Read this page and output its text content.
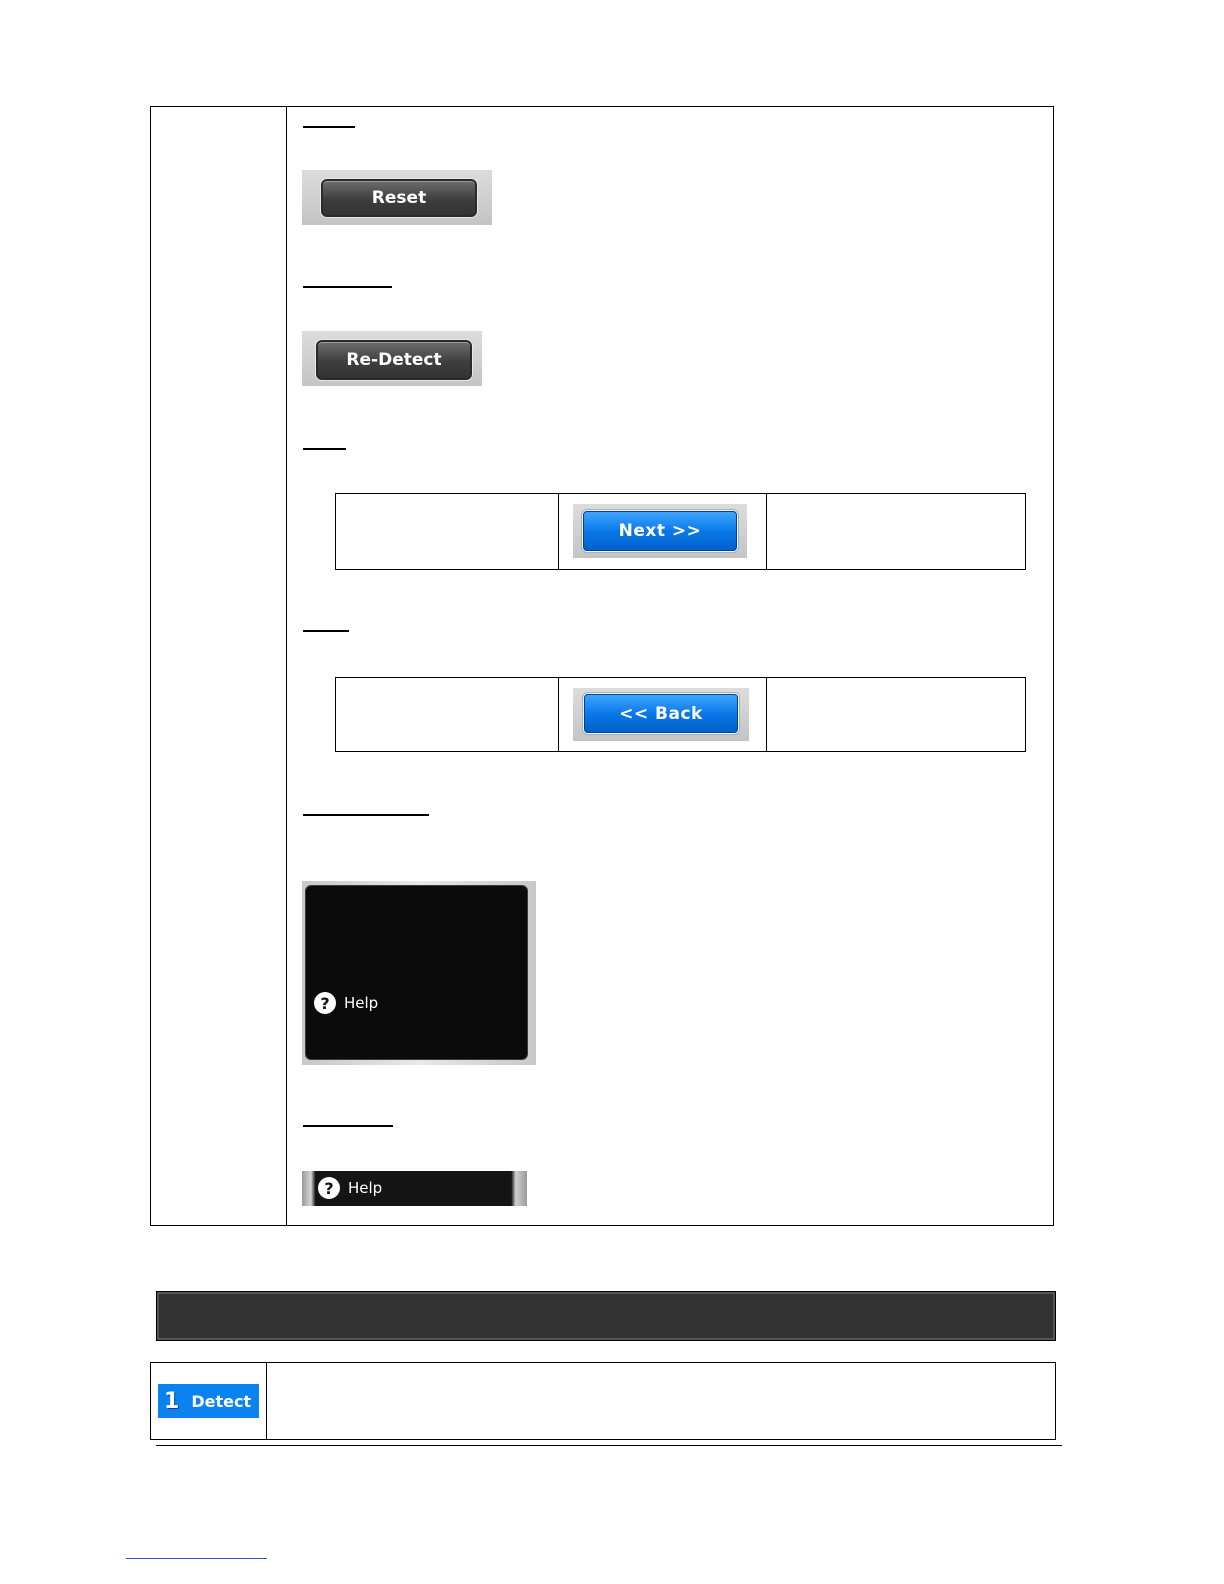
Reset
Re-Detect
Next >>
<< Back
? Help
? Help
1 Detect
